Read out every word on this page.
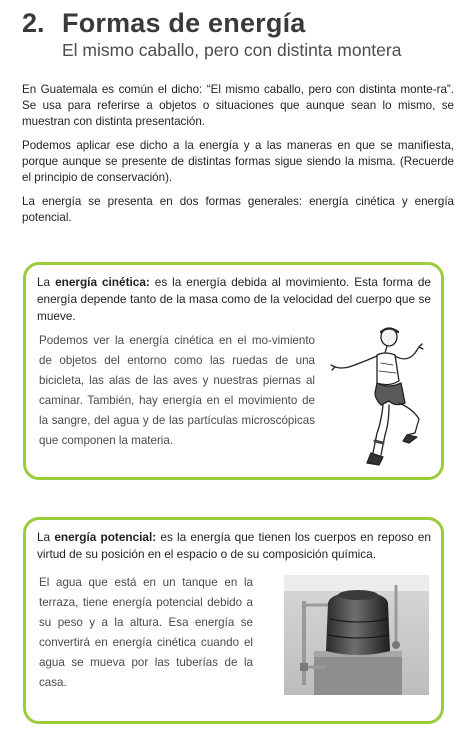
2. Formas de energía
El mismo caballo, pero con distinta montera

En Guatemala es común el dicho: “El mismo caballo, pero con distinta monte-ra”. Se usa para referirse a objetos o situaciones que aunque sean lo mismo, se muestran con distinta presentación.

Podemos aplicar ese dicho a la energía y a las maneras en que se manifiesta, porque aunque se presente de distintas formas sigue siendo la misma. (Recuerde el principio de conservación).

La energía se presenta en dos formas generales: energía cinética y energía potencial.

La energía cinética: es la energía debida al movimiento. Esta forma de energía depende tanto de la masa como de la velocidad del cuerpo que se mueve.

Podemos ver la energía cinética en el mo-vimiento de objetos del entorno como las ruedas de una bicicleta, las alas de las aves y nuestras piernas al caminar. También, hay energía en el movimiento de la sangre, del agua y de las partículas microscópicas que componen la materia.

La energía potencial: es la energía que tienen los cuerpos en reposo en virtud de su posición en el espacio o de su composición química.

El agua que está en un tanque en la terraza, tiene energía potencial debido a su peso y a la altura. Esa energía se convertirá en energía cinética cuando el agua se mueva por las tuberías de la casa.
